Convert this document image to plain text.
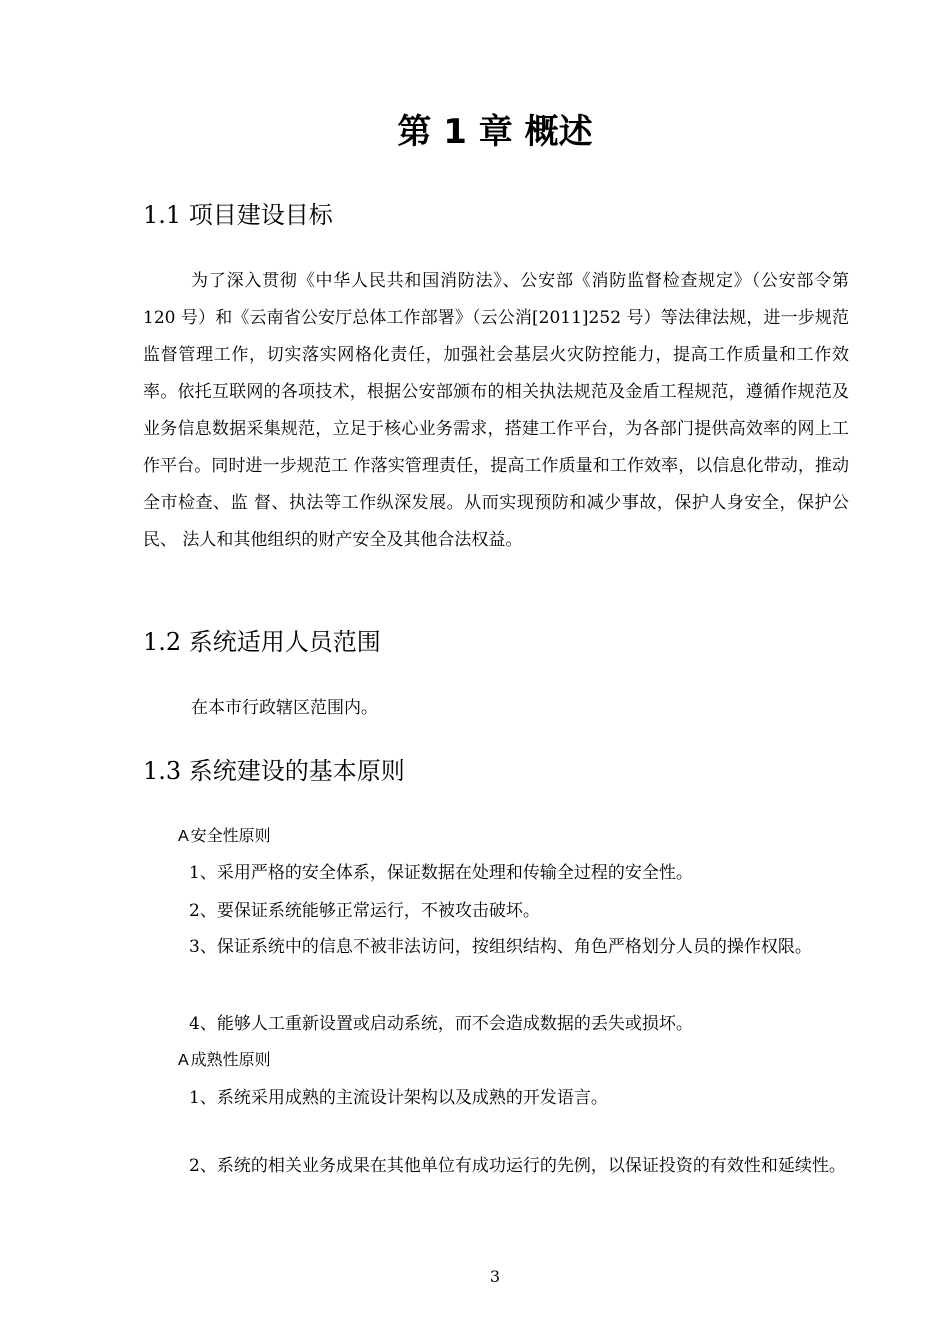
第 1 章 概述
1.1 项目建设目标
为了深入贯彻《中华人民共和国消防法》、公安部《消防监督检查规定》（公安部令第 120 号）和《云南省公安厅总体工作部署》（云公消[2011]252 号）等法律法规，进一步规范监督管理工作，切实落实网格化责任，加强社会基层火灾防控能力，提高工作质量和工作效率。依托互联网的各项技术，根据公安部颁布的相关执法规范及金盾工程规范，遵循作规范及业务信息数据采集规范，立足于核心业务需求，搭建工作平台，为各部门提供高效率的网上工作平台。同时进一步规范工 作落实管理责任，提高工作质量和工作效率，以信息化带动，推动全市检查、监 督、执法等工作纵深发展。从而实现预防和减少事故，保护人身安全，保护公民、 法人和其他组织的财产安全及其他合法权益。
1.2 系统适用人员范围
在本市行政辖区范围内。
1.3 系统建设的基本原则
A 安全性原则
1、采用严格的安全体系，保证数据在处理和传输全过程的安全性。
2、要保证系统能够正常运行，不被攻击破坏。
3、保证系统中的信息不被非法访问，按组织结构、角色严格划分人员的操作权限。
4、能够人工重新设置或启动系统，而不会造成数据的丢失或损坏。
A 成熟性原则
1、系统采用成熟的主流设计架构以及成熟的开发语言。
2、系统的相关业务成果在其他单位有成功运行的先例，以保证投资的有效性和延续性。
3
